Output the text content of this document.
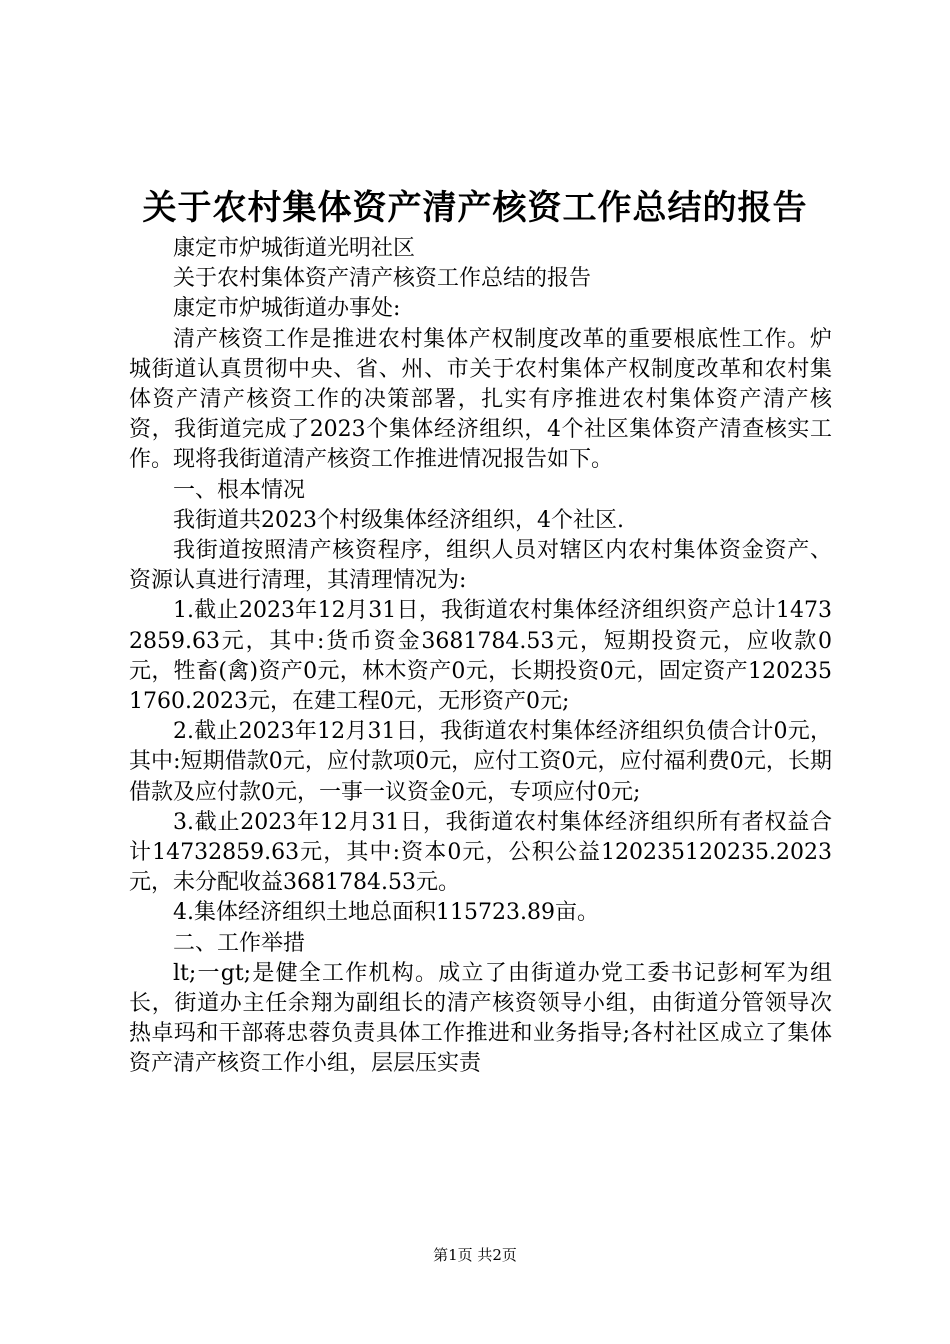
关于农村集体资产清产核资工作总结的报告

康定市炉城街道光明社区

关于农村集体资产清产核资工作总结的报告

康定市炉城街道办事处:

清产核资工作是推进农村集体产权制度改革的重要根底性工作。炉城街道认真贯彻中央、省、州、市关于农村集体产权制度改革和农村集体资产清产核资工作的决策部署，扎实有序推进农村集体资产清产核资，我街道完成了2023个集体经济组织，4个社区集体资产清查核实工作。现将我街道清产核资工作推进情况报告如下。

一、根本情况

我街道共2023个村级集体经济组织，4个社区.

我街道按照清产核资程序，组织人员对辖区内农村集体资金资产、资源认真进行清理，其清理情况为:

1.截止2023年12月31日，我街道农村集体经济组织资产总计14732859.63元，其中:货币资金3681784.53元，短期投资元，应收款0元，牲畜(禽)资产0元，林木资产0元，长期投资0元，固定资产1202351760.2023元，在建工程0元，无形资产0元;

2.截止2023年12月31日，我街道农村集体经济组织负债合计0元，其中:短期借款0元，应付款项0元，应付工资0元，应付福利费0元，长期借款及应付款0元，一事一议资金0元，专项应付0元;

3.截止2023年12月31日，我街道农村集体经济组织所有者权益合计14732859.63元，其中:资本0元，公积公益120235120235.2023元，未分配收益3681784.53元。

4.集体经济组织土地总面积115723.89亩。

二、工作举措

lt;一gt;是健全工作机构。成立了由街道办党工委书记彭柯军为组长，街道办主任余翔为副组长的清产核资领导小组，由街道分管领导次热卓玛和干部蒋忠蓉负责具体工作推进和业务指导;各村社区成立了集体资产清产核资工作小组，层层压实责

第1页 共2页
